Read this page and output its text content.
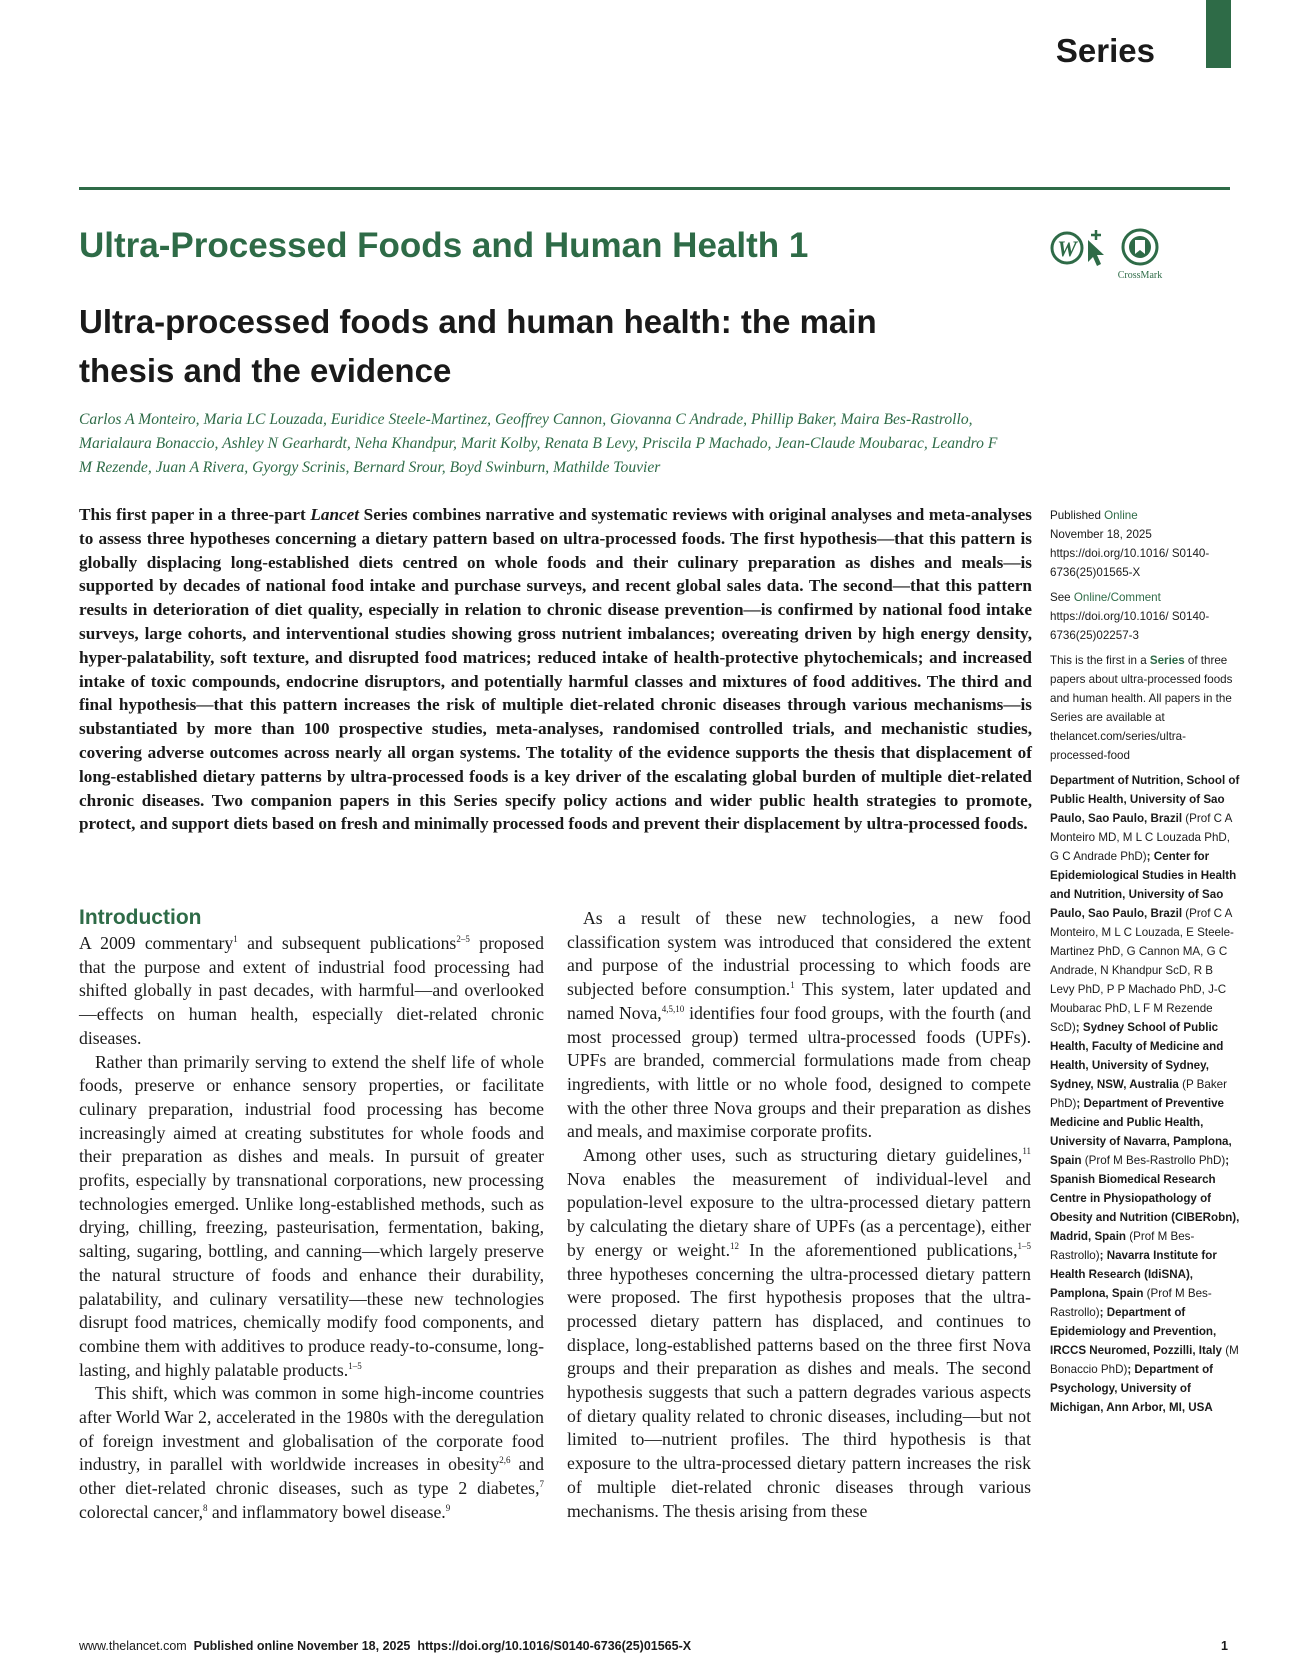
Series
Ultra-Processed Foods and Human Health 1	W
CrossMark
Ultra-processed foods and human health: the main thesis and the evidence
Carlos A Monteiro, Maria LC Louzada, Euridice Steele-Martinez, Geoffrey Cannon, Giovanna C Andrade, Phillip Baker, Maira Bes-Rastrollo, Marialaura Bonaccio, Ashley N Gearhardt, Neha Khandpur, Marit Kolby, Renata B Levy, Priscila P Machado, Jean-Claude Moubarac, Leandro F M Rezende, Juan A Rivera, Gyorgy Scrinis, Bernard Srour, Boyd Swinburn, Mathilde Touvier
This first paper in a three-part Lancet Series combines narrative and systematic reviews with original analyses and meta-analyses to assess three hypotheses concerning a dietary pattern based on ultra-processed foods. The first hypothesis—that this pattern is globally displacing long-established diets centred on whole foods and their culinary preparation as dishes and meals—is supported by decades of national food intake and purchase surveys, and recent global sales data. The second—that this pattern results in deterioration of diet quality, especially in relation to chronic disease prevention—is confirmed by national food intake surveys, large cohorts, and interventional studies showing gross nutrient imbalances; overeating driven by high energy density, hyper-palatability, soft texture, and disrupted food matrices; reduced intake of health-protective phytochemicals; and increased intake of toxic compounds, endocrine disruptors, and potentially harmful classes and mixtures of food additives. The third and final hypothesis—that this pattern increases the risk of multiple diet-related chronic diseases through various mechanisms—is substantiated by more than 100 prospective studies, meta-analyses, randomised controlled trials, and mechanistic studies, covering adverse outcomes across nearly all organ systems. The totality of the evidence supports the thesis that displacement of long-established dietary patterns by ultra-processed foods is a key driver of the escalating global burden of multiple diet-related chronic diseases. Two companion papers in this Series specify policy actions and wider public health strategies to promote, protect, and support diets based on fresh and minimally processed foods and prevent their displacement by ultra-processed foods.
Introduction

A 2009 commentary$^1$ and subsequent publications$^{2-5}$ proposed that the purpose and extent of industrial food processing had shifted globally in past decades, with harmful—and overlooked—effects on human health, especially diet-related chronic diseases.

Rather than primarily serving to extend the shelf life of whole foods, preserve or enhance sensory properties, or facilitate culinary preparation, industrial food processing has become increasingly aimed at creating substitutes for whole foods and their preparation as dishes and meals. In pursuit of greater profits, especially by transnational corporations, new processing technologies emerged. Unlike long-established methods, such as drying, chilling, freezing, pasteurisation, fermentation, baking, salting, sugaring, bottling, and canning—which largely preserve the natural structure of foods and enhance their durability, palatability, and culinary versatility—these new technologies disrupt food matrices, chemically modify food components, and combine them with additives to produce ready-to-consume, long-lasting, and highly palatable products.$^{1-5}$

This shift, which was common in some high-income countries after World War 2, accelerated in the 1980s with the deregulation of foreign investment and globalisation of the corporate food industry, in parallel with worldwide increases in obesity$^{2,6}$ and other diet-related chronic diseases, such as type 2 diabetes,$^7$ colorectal cancer,$^8$ and inflammatory bowel disease.$^9$

As a result of these new technologies, a new food classification system was introduced that considered the extent and purpose of the industrial processing to which foods are subjected before consumption.$^1$ This system, later updated and named Nova,$^{4,5,10}$ identifies four food groups, with the fourth (and most processed group) termed ultra-processed foods (UPFs). UPFs are branded, commercial formulations made from cheap ingredients, with little or no whole food, designed to compete with the other three Nova groups and their preparation as dishes and meals, and maximise corporate profits.

Among other uses, such as structuring dietary guidelines,$^{11}$ Nova enables the measurement of individual-level and population-level exposure to the ultra-processed dietary pattern by calculating the dietary share of UPFs (as a percentage), either by energy or weight.$^{12}$ In the aforementioned publications,$^{1-5}$ three hypotheses concerning the ultra-processed dietary pattern were proposed. The first hypothesis proposes that the ultra-processed dietary pattern has displaced, and continues to displace, long-established patterns based on the three first Nova groups and their preparation as dishes and meals. The second hypothesis suggests that such a pattern degrades various aspects of dietary quality related to chronic diseases, including—but not limited to—nutrient profiles. The third hypothesis is that exposure to the ultra-processed dietary pattern increases the risk of multiple diet-related chronic diseases through various mechanisms. The thesis arising from these

Published Online
November 18, 2025
https://doi.org/10.1016/ S0140-6736(25)01565-X
See Online/Comment
https://doi.org/10.1016/ S0140-6736(25)02257-3
This is the first in a Series of three papers about ultra-processed foods and human health. All papers in the Series are available at thelancet.com/series/ultra-processed-food
Department of Nutrition, School of Public Health, University of Sao Paulo, Sao Paulo, Brazil (Prof C A Monteiro MD, M L C Louzada PhD, G C Andrade PhD); Center for Epidemiological Studies in Health and Nutrition, University of Sao Paulo, Sao Paulo, Brazil (Prof C A Monteiro, M L C Louzada, E Steele-Martinez PhD, G Cannon MA, G C Andrade, N Khandpur ScD, R B Levy PhD, P P Machado PhD, J-C Moubarac PhD, L F M Rezende ScD); Sydney School of Public Health, Faculty of Medicine and Health, University of Sydney, Sydney, NSW, Australia (P Baker PhD); Department of Preventive Medicine and Public Health, University of Navarra, Pamplona, Spain (Prof M Bes-Rastrollo PhD); Spanish Biomedical Research Centre in Physiopathology of Obesity and Nutrition (CIBERobn), Madrid, Spain (Prof M Bes-Rastrollo); Navarra Institute for Health Research (IdiSNA), Pamplona, Spain (Prof M Bes-Rastrollo); Department of Epidemiology and Prevention, IRCCS Neuromed, Pozzilli, Italy (M Bonaccio PhD); Department of Psychology, University of Michigan, Ann Arbor, MI, USA
www.thelancet.com Published online November 18, 2025 https://doi.org/10.1016/S0140-6736(25)01565-X	1
